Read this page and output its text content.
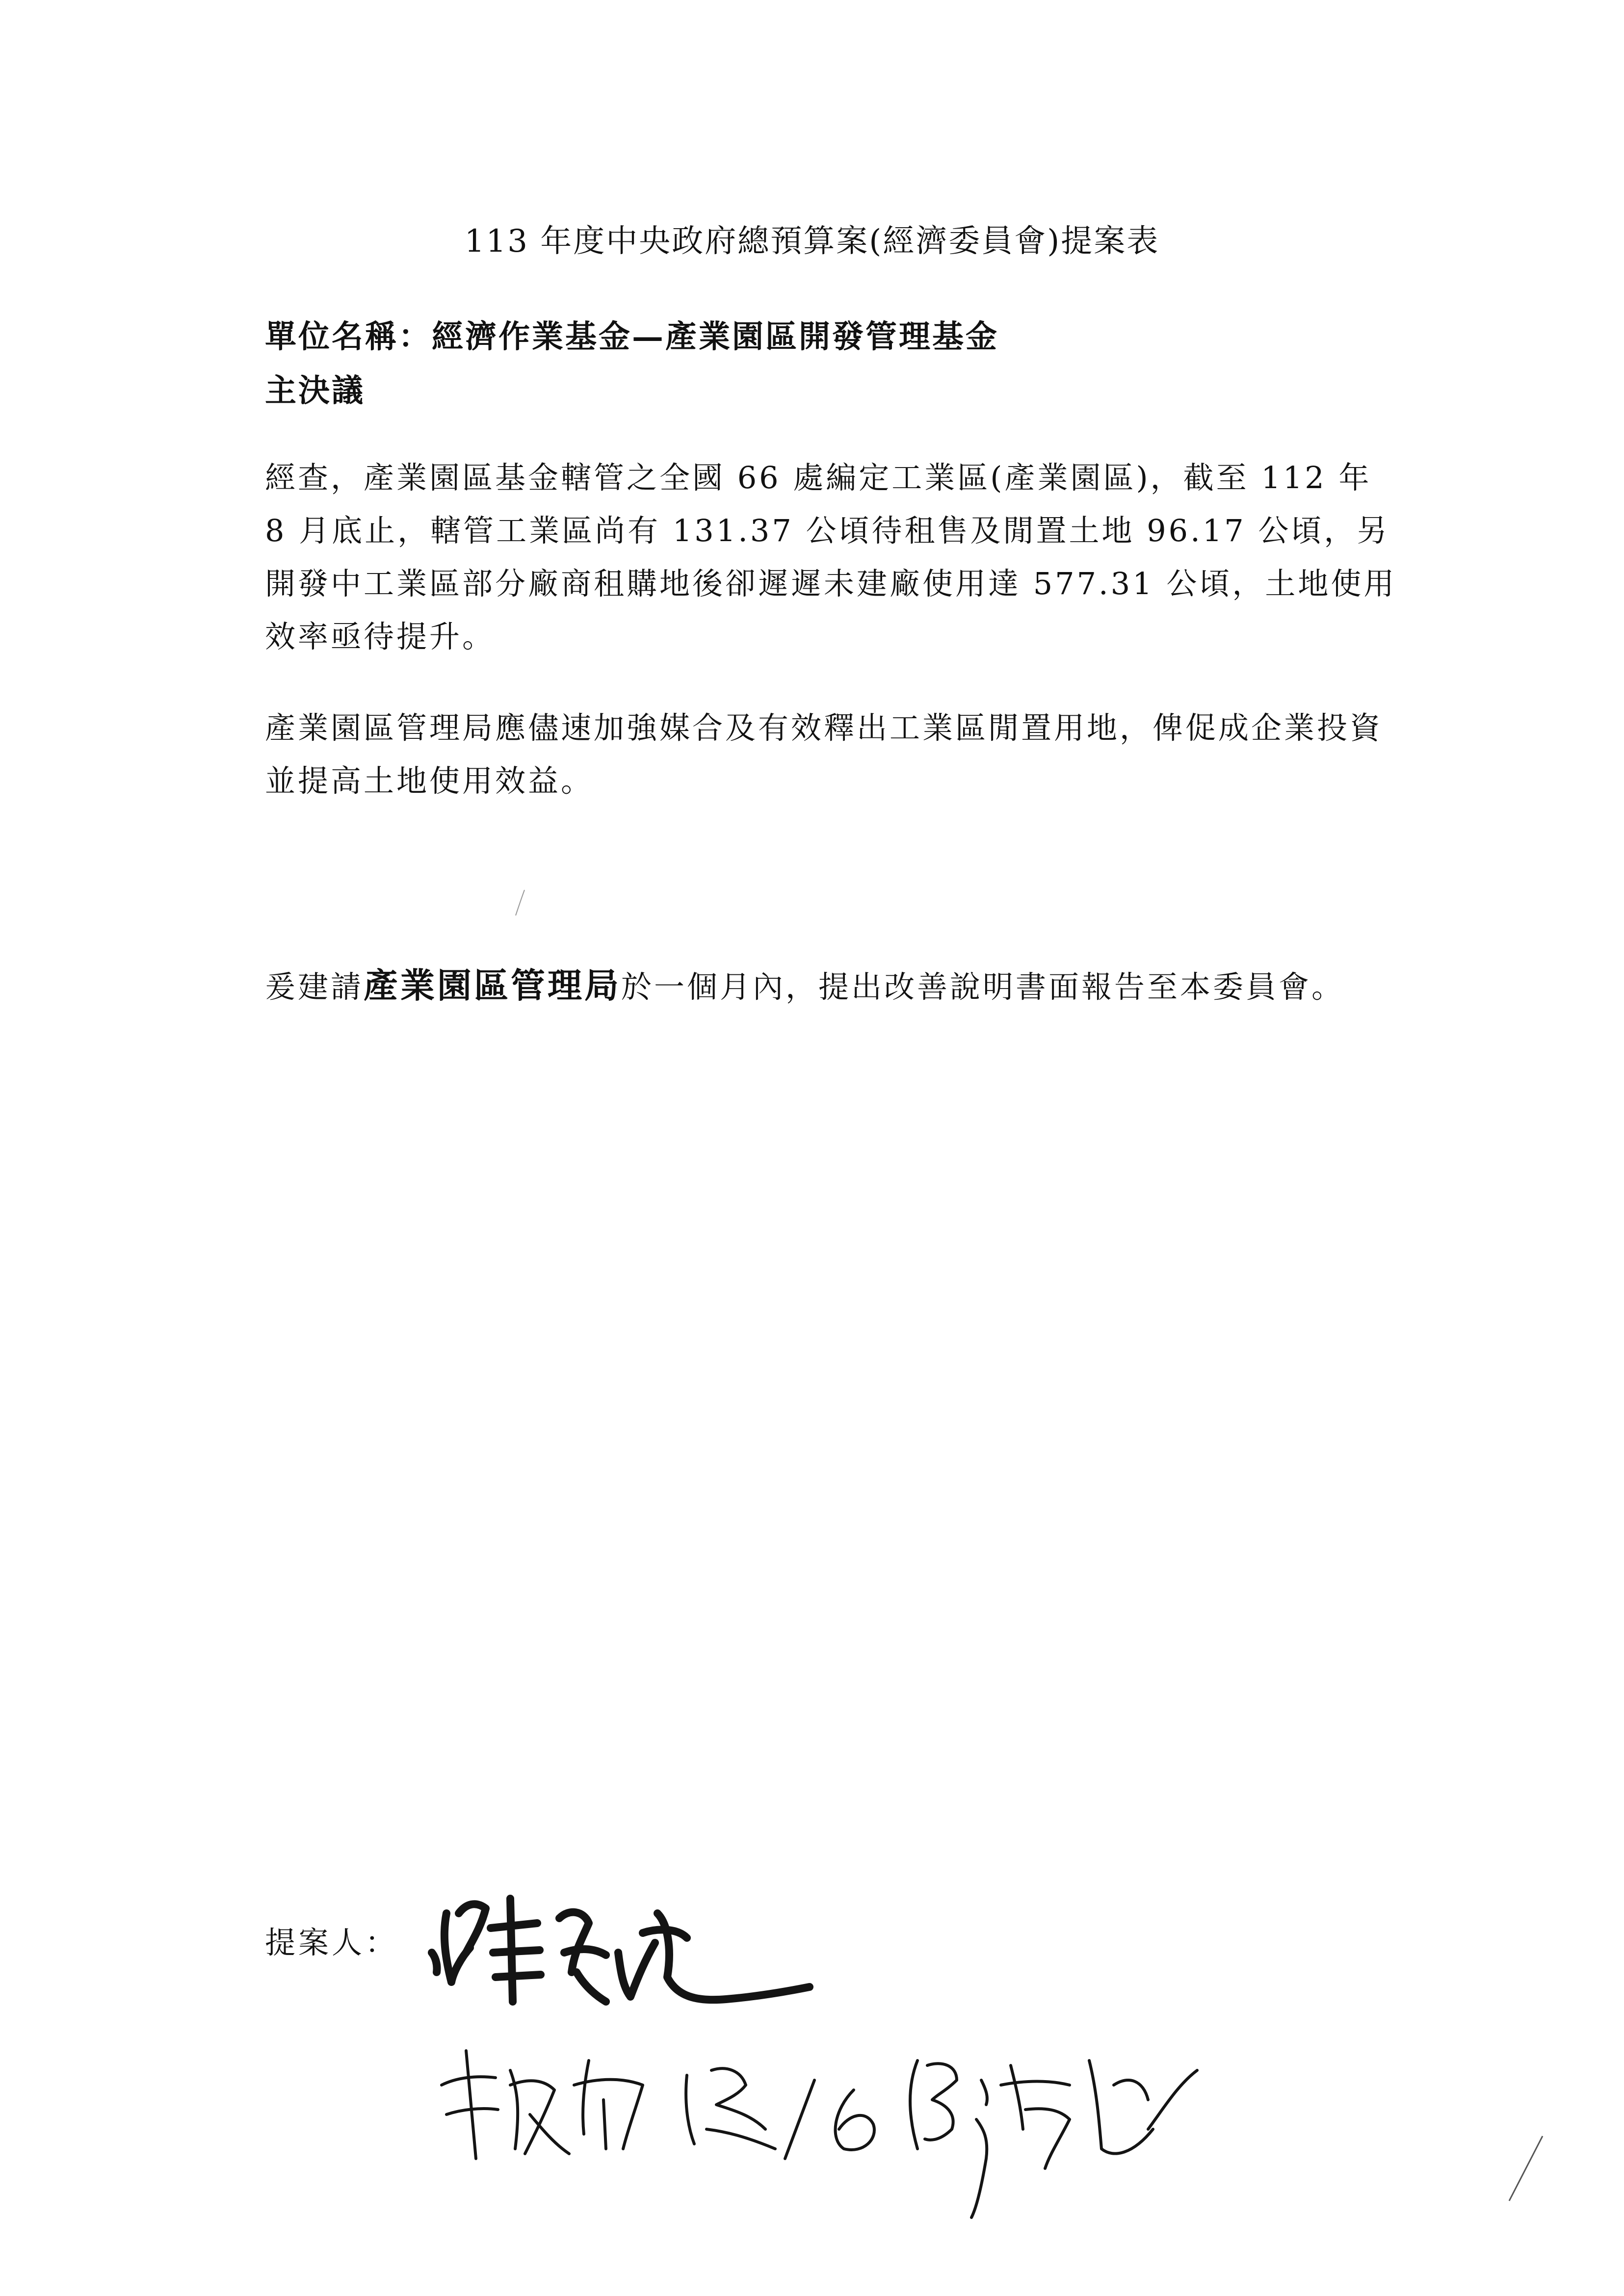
113 年度中央政府總預算案(經濟委員會)提案表
單位名稱：經濟作業基金—產業園區開發管理基金
主決議

經查，產業園區基金轄管之全國 66 處編定工業區(產業園區)，截至 112 年 8 月底止，轄管工業區尚有 131.37 公頃待租售及閒置土地 96.17 公頃，另開發中工業區部分廠商租購地後卻遲遲未建廠使用達 577.31 公頃，土地使用效率亟待提升。

產業園區管理局應儘速加強媒合及有效釋出工業區閒置用地，俾促成企業投資並提高土地使用效益。

爰建請產業園區管理局於一個月內，提出改善說明書面報告至本委員會。

提案人：
